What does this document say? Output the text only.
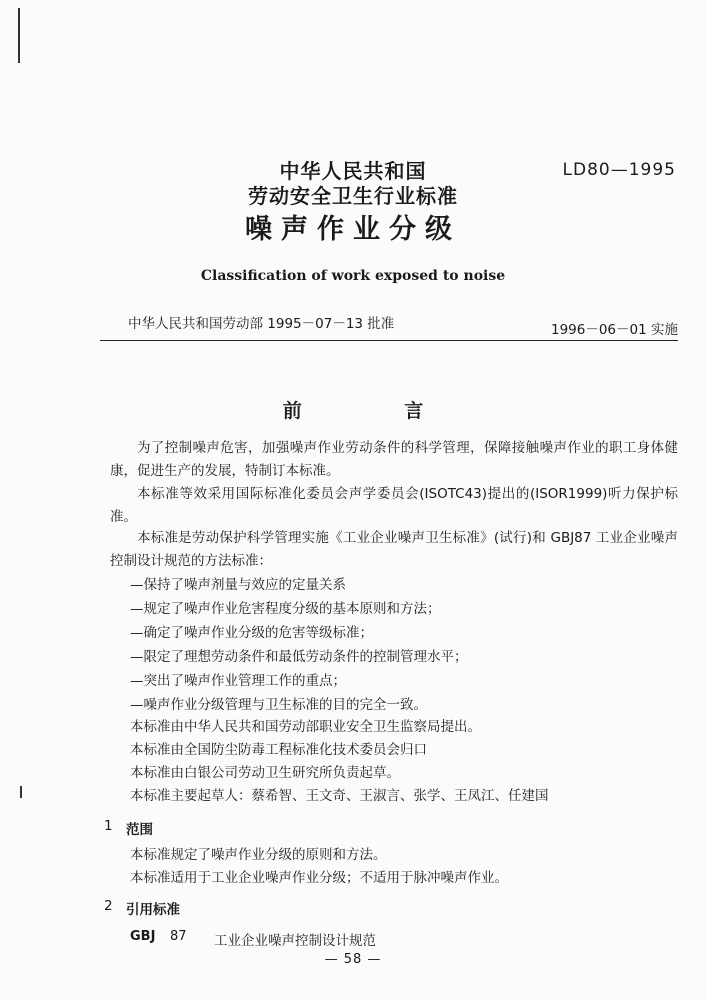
中华人民共和国
劳动安全卫生行业标准
噪声作业分级
LD80—1995
Classification of work exposed to noise
中华人民共和国劳动部 1995－07－13 批准	1996－06－01 实施
前 言
为了控制噪声危害，加强噪声作业劳动条件的科学管理，保障接触噪声作业的职工身体健康，促进生产的发展，特制订本标准。
本标准等效采用国际标准化委员会声学委员会(ISOTC43)提出的(ISOR1999)听力保护标准。
本标准是劳动保护科学管理实施《工业企业噪声卫生标准》(试行)和 GBJ87 工业企业噪声控制设计规范的方法标准：
—保持了噪声剂量与效应的定量关系
—规定了噪声作业危害程度分级的基本原则和方法；
—确定了噪声作业分级的危害等级标准；
—限定了理想劳动条件和最低劳动条件的控制管理水平；
—突出了噪声作业管理工作的重点；
—噪声作业分级管理与卫生标准的目的完全一致。
本标准由中华人民共和国劳动部职业安全卫生监察局提出。
本标准由全国防尘防毒工程标准化技术委员会归口
本标准由白银公司劳动卫生研究所负责起草。
本标准主要起草人：蔡希智、王文奇、王淑言、张学、王凤江、任建国
1 范围
本标准规定了噪声作业分级的原则和方法。
本标准适用于工业企业噪声作业分级；不适用于脉冲噪声作业。
2 引用标准
GBJ 87 工业企业噪声控制设计规范
— 58 —
